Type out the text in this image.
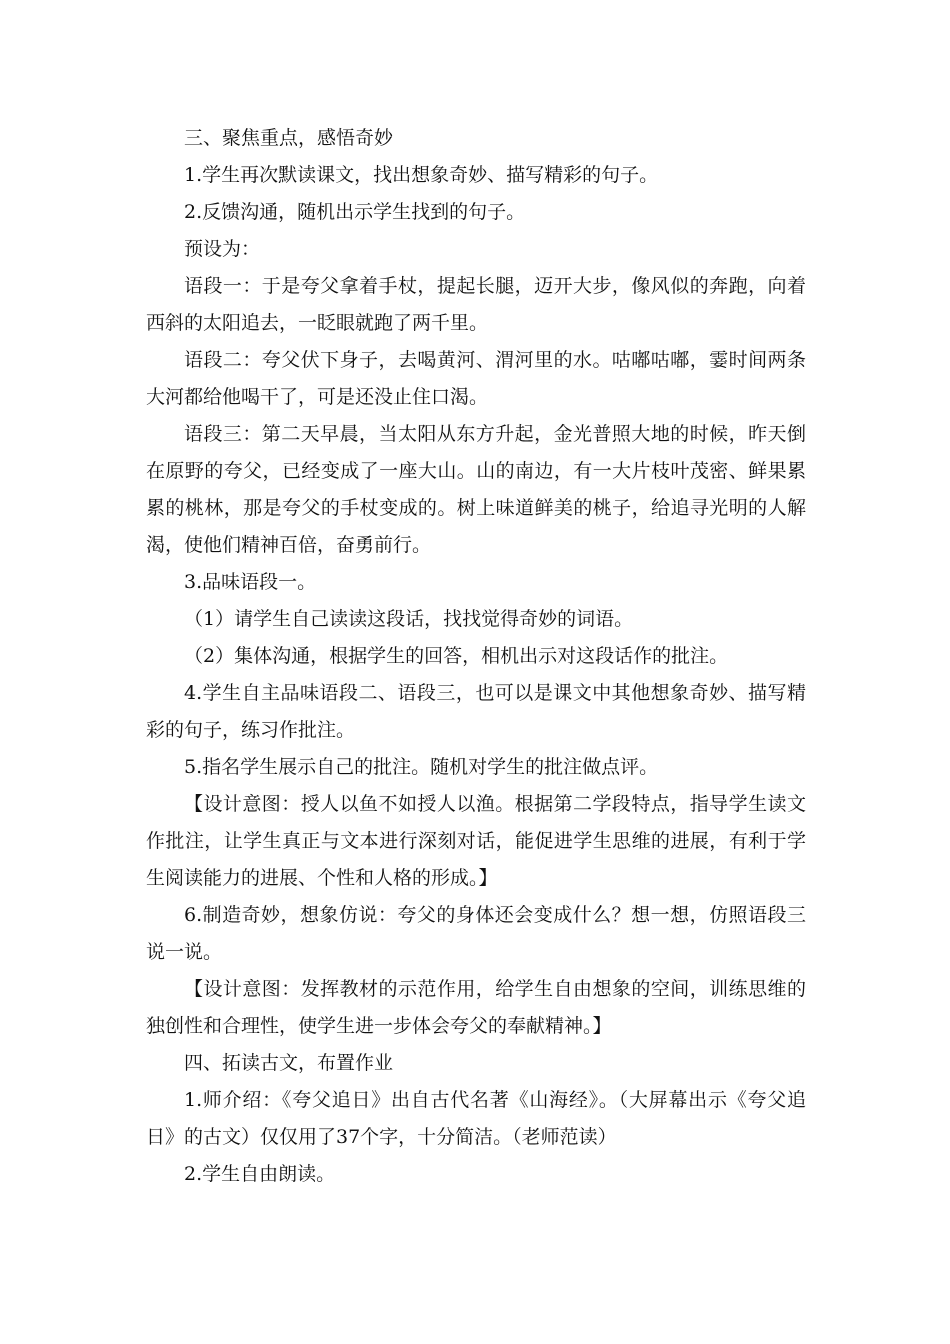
三、聚焦重点，感悟奇妙

1.学生再次默读课文，找出想象奇妙、描写精彩的句子。

2.反馈沟通，随机出示学生找到的句子。

预设为：

语段一：于是夸父拿着手杖，提起长腿，迈开大步，像风似的奔跑，向着西斜的太阳追去，一眨眼就跑了两千里。

语段二：夸父伏下身子，去喝黄河、渭河里的水。咕嘟咕嘟，霎时间两条大河都给他喝干了，可是还没止住口渴。

语段三：第二天早晨，当太阳从东方升起，金光普照大地的时候，昨天倒在原野的夸父，已经变成了一座大山。山的南边，有一大片枝叶茂密、鲜果累累的桃林，那是夸父的手杖变成的。树上味道鲜美的桃子，给追寻光明的人解渴，使他们精神百倍，奋勇前行。

3.品味语段一。

（1）请学生自己读读这段话，找找觉得奇妙的词语。

（2）集体沟通，根据学生的回答，相机出示对这段话作的批注。

4.学生自主品味语段二、语段三，也可以是课文中其他想象奇妙、描写精彩的句子，练习作批注。

5.指名学生展示自己的批注。随机对学生的批注做点评。

【设计意图：授人以鱼不如授人以渔。根据第二学段特点，指导学生读文作批注，让学生真正与文本进行深刻对话，能促进学生思维的进展，有利于学生阅读能力的进展、个性和人格的形成。】

6.制造奇妙，想象仿说：夸父的身体还会变成什么？想一想，仿照语段三说一说。

【设计意图：发挥教材的示范作用，给学生自由想象的空间，训练思维的独创性和合理性，使学生进一步体会夸父的奉献精神。】

四、拓读古文，布置作业

1.师介绍：《夸父追日》出自古代名著《山海经》。（大屏幕出示《夸父追日》的古文）仅仅用了37个字，十分简洁。（老师范读）

2.学生自由朗读。
